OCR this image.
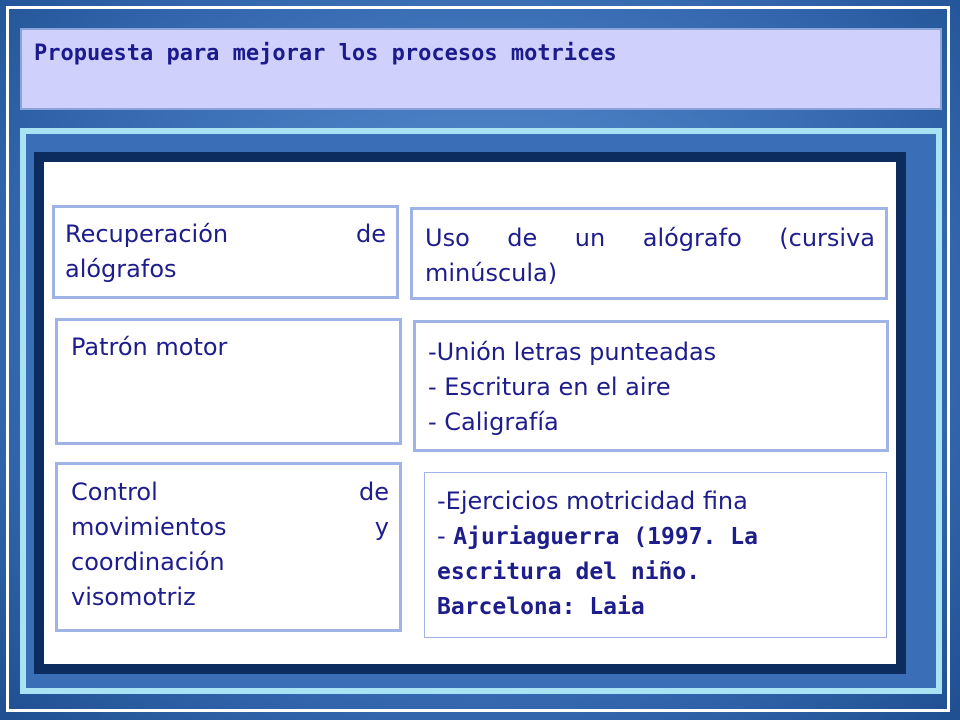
Propuesta para mejorar los procesos motrices
Recuperación de
alógrafos
Uso de un alógrafo (cursiva
minúscula)
Patrón motor	-Unión letras punteadas
- Escritura en el aire
- Caligrafía
Control de
movimientos y
coordinación
visomotriz
-Ejercicios motricidad fina
- Ajuriaguerra (1997. La
escritura del niño.
Barcelona: Laia
